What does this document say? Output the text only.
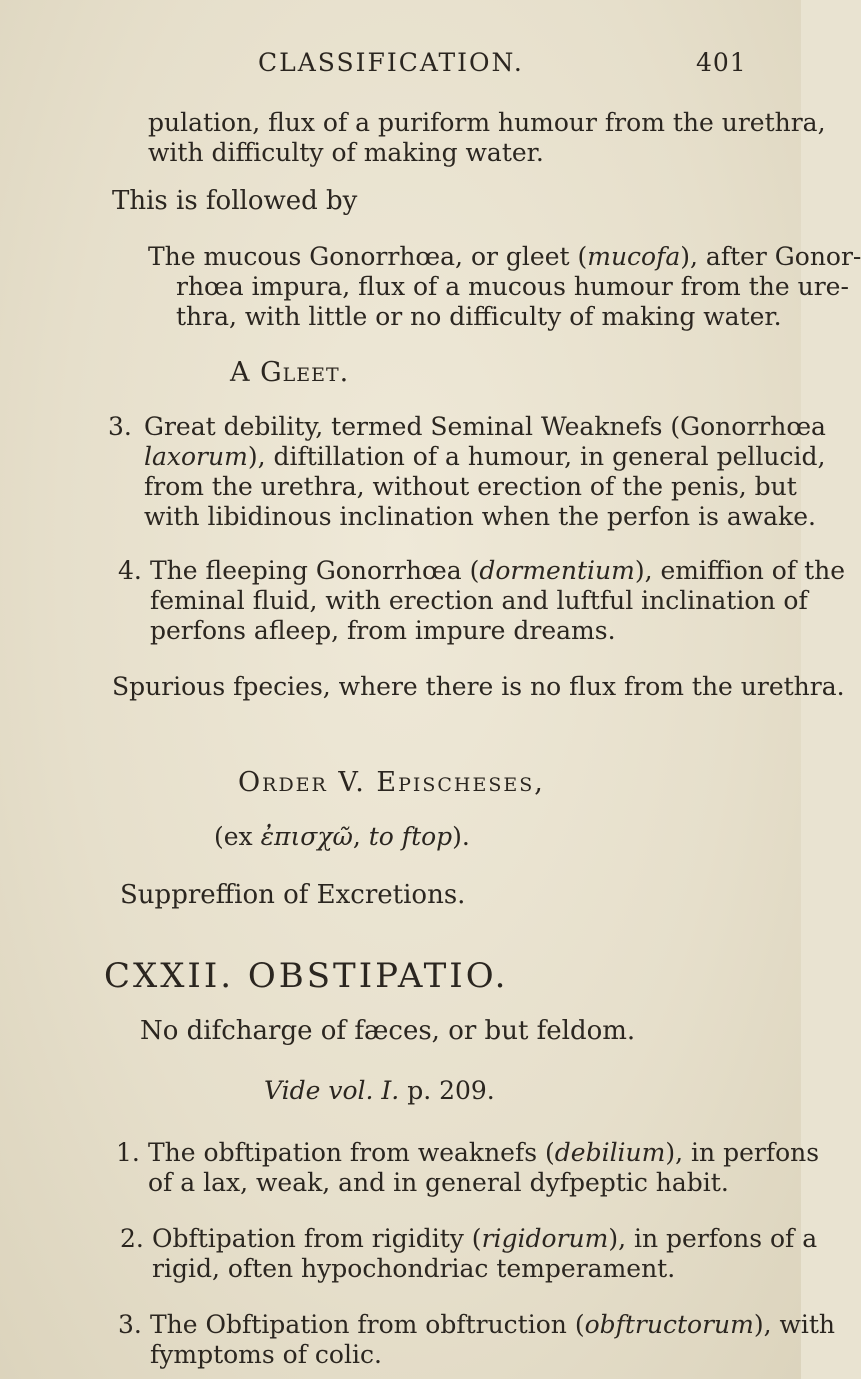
CLASSIFICATION.	401
pulation, flux of a puriform humour from the urethra,
with difficulty of making water.
This is followed by
The mucous Gonorrhœa, or gleet (mucofa), after Gonor-
rhœa impura, flux of a mucous humour from the ure-
thra, with little or no difficulty of making water.
A Gleet.
3. Great debility, termed Seminal Weaknefs (Gonorrhœa
laxorum), diftillation of a humour, in general pellucid,
from the urethra, without erection of the penis, but
with libidinous inclination when the perfon is awake.
4. The fleeping Gonorrhœa (dormentium), emiffion of the
feminal fluid, with erection and luftful inclination of
perfons afleep, from impure dreams.
Spurious fpecies, where there is no flux from the urethra.
Order V. Epischeses,
(ex ἐπισχῶ, to ftop).
Suppreffion of Excretions.
CXXII. OBSTIPATIO.
No difcharge of fæces, or but feldom.
Vide vol. I. p. 209.
1. The obftipation from weaknefs (debilium), in perfons
of a lax, weak, and in general dyfpeptic habit.
2. Obftipation from rigidity (rigidorum), in perfons of a
rigid, often hypochondriac temperament.
3. The Obftipation from obftruction (obftructorum), with
fymptoms of colic.
